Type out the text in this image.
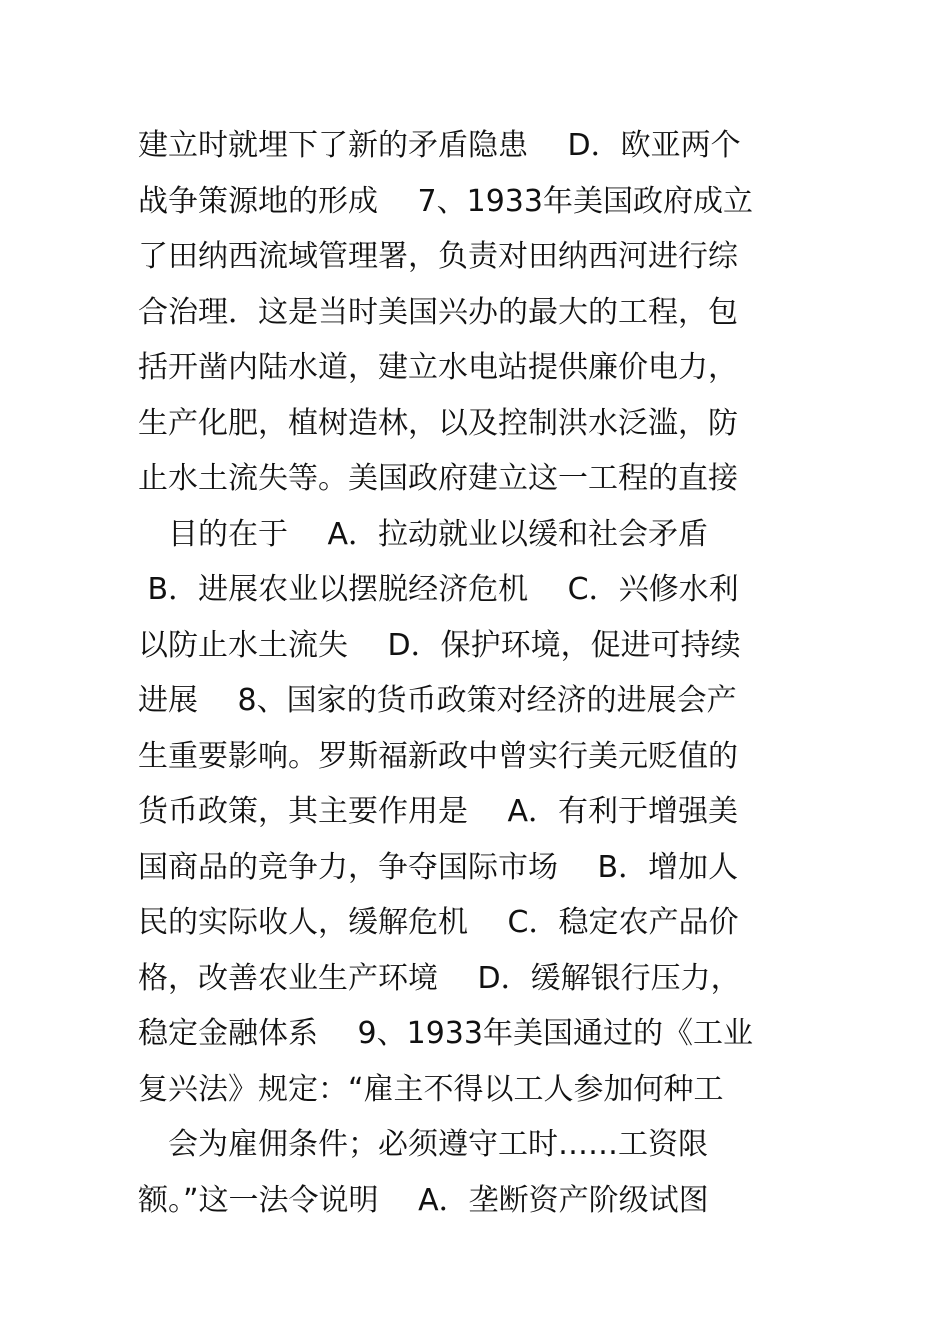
建立时就埋下了新的矛盾隐患　 D．欧亚两个
战争策源地的形成　 7、1933年美国政府成立
了田纳西流域管理署，负责对田纳西河进行综
合治理．这是当时美国兴办的最大的工程，包
括开凿内陆水道，建立水电站提供廉价电力，
生产化肥，植树造林，以及控制洪水泛滥，防
止水土流失等。美国政府建立这一工程的直接
　目的在于　 A．拉动就业以缓和社会矛盾
B．进展农业以摆脱经济危机　 C．兴修水利
以防止水土流失　 D．保护环境，促进可持续
进展　 8、国家的货币政策对经济的进展会产
生重要影响。罗斯福新政中曾实行美元贬值的
货币政策，其主要作用是　 A．有利于增强美
国商品的竞争力，争夺国际市场　 B．增加人
民的实际收人，缓解危机　 C．稳定农产品价
格，改善农业生产环境　 D．缓解银行压力，
稳定金融体系　 9、1933年美国通过的《工业
复兴法》规定：“雇主不得以工人参加何种工
　会为雇佣条件；必须遵守工时……工资限
额。”这一法令说明　 A．垄断资产阶级试图
